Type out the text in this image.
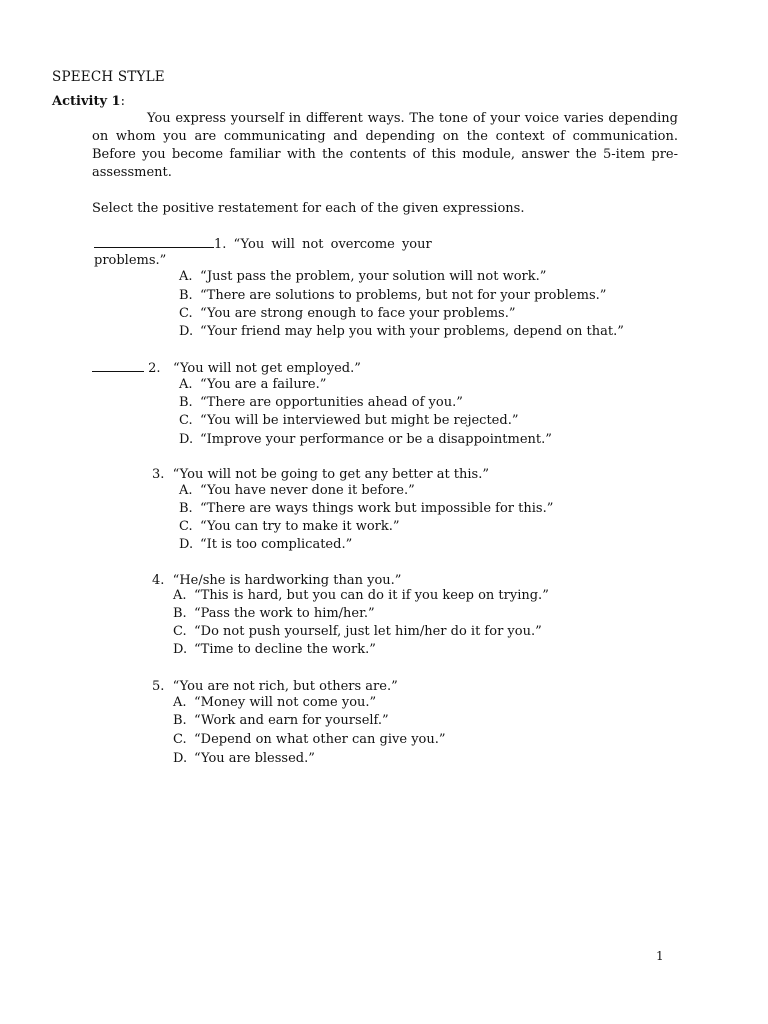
SPEECH STYLE
Activity 1:
You express yourself in different ways. The tone of your voice varies depending on whom you are communicating and depending on the context of communication. Before you become familiar with the contents of this module, answer the 5-item pre- assessment.
Select the positive restatement for each of the given expressions.
1. “You will not overcome your
problems.”
A. “Just pass the problem, your solution will not work.”
B. “There are solutions to problems, but not for your problems.”
C. “You are strong enough to face your problems.”
D. “Your friend may help you with your problems, depend on that.”
2. “You will not get employed.”
A. “You are a failure.”
B. “There are opportunities ahead of you.”
C. “You will be interviewed but might be rejected.”
D. “Improve your performance or be a disappointment.”
3. “You will not be going to get any better at this.”
A. “You have never done it before.”
B. “There are ways things work but impossible for this.”
C. “You can try to make it work.”
D. “It is too complicated.”
4. “He/she is hardworking than you.”
A. “This is hard, but you can do it if you keep on trying.”
B. “Pass the work to him/her.”
C. “Do not push yourself, just let him/her do it for you.”
D. “Time to decline the work.”
5. “You are not rich, but others are.”
A. “Money will not come you.”
B. “Work and earn for yourself.”
C. “Depend on what other can give you.”
D. “You are blessed.”
1
